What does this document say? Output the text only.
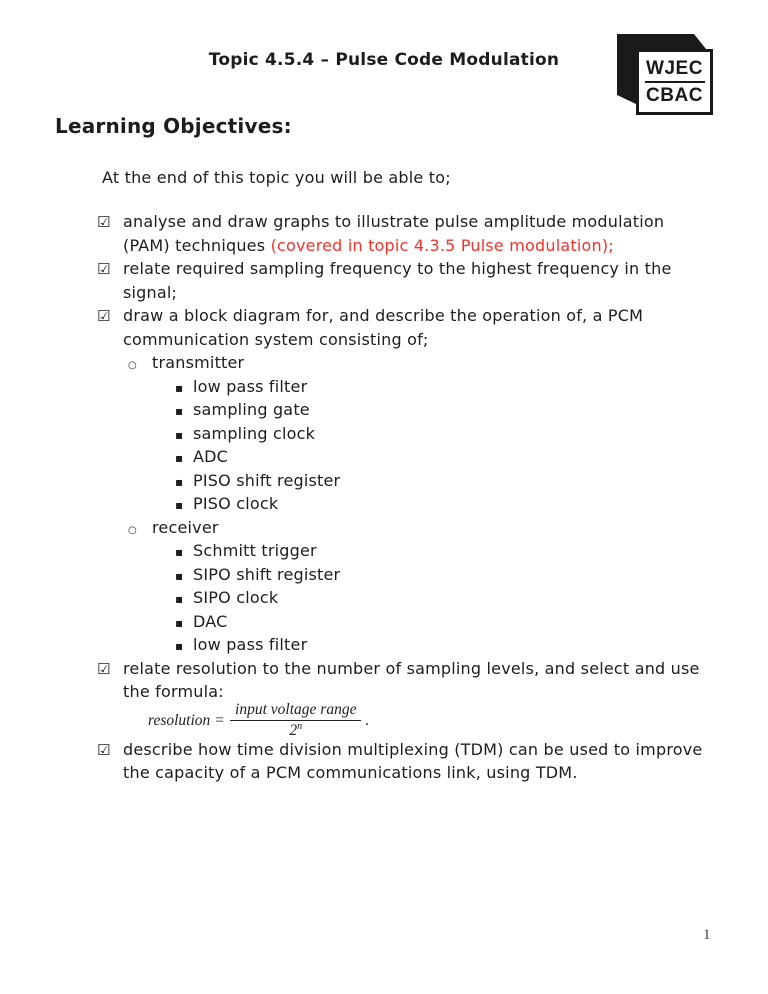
Topic 4.5.4 – Pulse Code Modulation	WJEC
CBAC
Learning Objectives:

At the end of this topic you will be able to;

☑ analyse and draw graphs to illustrate pulse amplitude modulation
(PAM) techniques (covered in topic 4.3.5 Pulse modulation);
☑ relate required sampling frequency to the highest frequency in the
signal;
☑ draw a block diagram for, and describe the operation of, a PCM
communication system consisting of;
○ transmitter
▪ low pass filter
▪ sampling gate
▪ sampling clock
▪ ADC
▪ PISO shift register
▪ PISO clock
○ receiver
▪ Schmitt trigger
▪ SIPO shift register
▪ SIPO clock
▪ DAC
▪ low pass filter
☑ relate resolution to the number of sampling levels, and select and use
the formula:
resolution = $\frac{\text{input voltage range}}{2^n}$ .
☑ describe how time division multiplexing (TDM) can be used to improve
the capacity of a PCM communications link, using TDM.
1
